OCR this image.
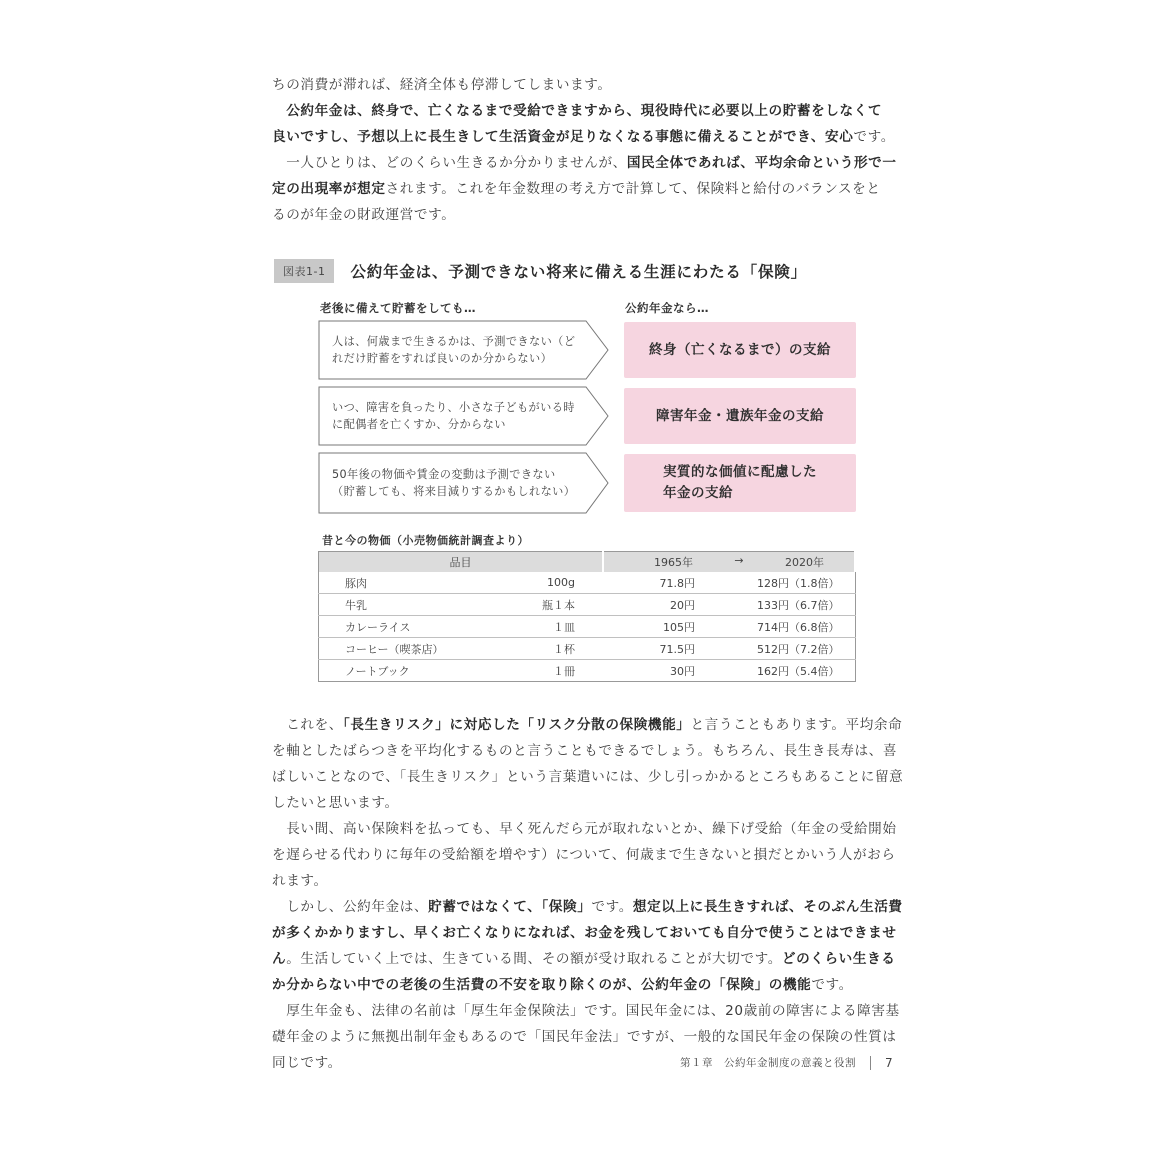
ちの消費が滞れば、経済全体も停滞してしまいます。
　公約年金は、終身で、亡くなるまで受給できますから、現役時代に必要以上の貯蓄をしなくて
良いですし、予想以上に長生きして生活資金が足りなくなる事態に備えることができ、安心です。
　一人ひとりは、どのくらい生きるか分かりませんが、国民全体であれば、平均余命という形で一
定の出現率が想定されます。これを年金数理の考え方で計算して、保険料と給付のバランスをと
るのが年金の財政運営です。

図表1-1	公約年金は、予測できない将来に備える生涯にわたる「保険」
老後に備えて貯蓄をしても…	公約年金なら…
人は、何歳まで生きるかは、予測できない（どれだけ貯蓄をすれば良いのか分からない）
終身（亡くなるまで）の支給
いつ、障害を負ったり、小さな子どもがいる時に配偶者を亡くすか、分からない
障害年金・遺族年金の支給
50年後の物価や賃金の変動は予測できない（貯蓄しても、将来目減りするかもしれない）
実質的な価値に配慮した
年金の支給
昔と今の物価（小売物価統計調査より）
品目		1965年 → 2020年	

豚肉	100g	71.8円	128円（1.8倍）
牛乳	瓶１本	20円	133円（6.7倍）
カレーライス	１皿	105円	714円（6.8倍）
コーヒー（喫茶店）	１杯	71.5円	512円（7.2倍）
ノートブック	１冊	30円	162円（5.4倍）

　これを、「長生きリスク」に対応した「リスク分散の保険機能」と言うこともあります。平均余命を軸としたばらつきを平均化するものと言うこともできるでしょう。もちろん、長生き長寿は、喜ばしいことなので、「長生きリスク」という言葉遣いには、少し引っかかるところもあることに留意したいと思います。
　長い間、高い保険料を払っても、早く死んだら元が取れないとか、繰下げ受給（年金の受給開始を遅らせる代わりに毎年の受給額を増やす）について、何歳まで生きないと損だとかいう人がおられます。
　しかし、公約年金は、貯蓄ではなくて、「保険」です。想定以上に長生きすれば、そのぶん生活費が多くかかりますし、早くお亡くなりになれば、お金を残しておいても自分で使うことはできません。生活していく上では、生きている間、その額が受け取れることが大切です。どのくらい生きるか分からない中での老後の生活費の不安を取り除くのが、公約年金の「保険」の機能です。
　厚生年金も、法律の名前は「厚生年金保険法」です。国民年金には、20歳前の障害による障害基礎年金のように無拠出制年金もあるので「国民年金法」ですが、一般的な国民年金の保険の性質は同じです。	第１章　公約年金制度の意義と役割 7
